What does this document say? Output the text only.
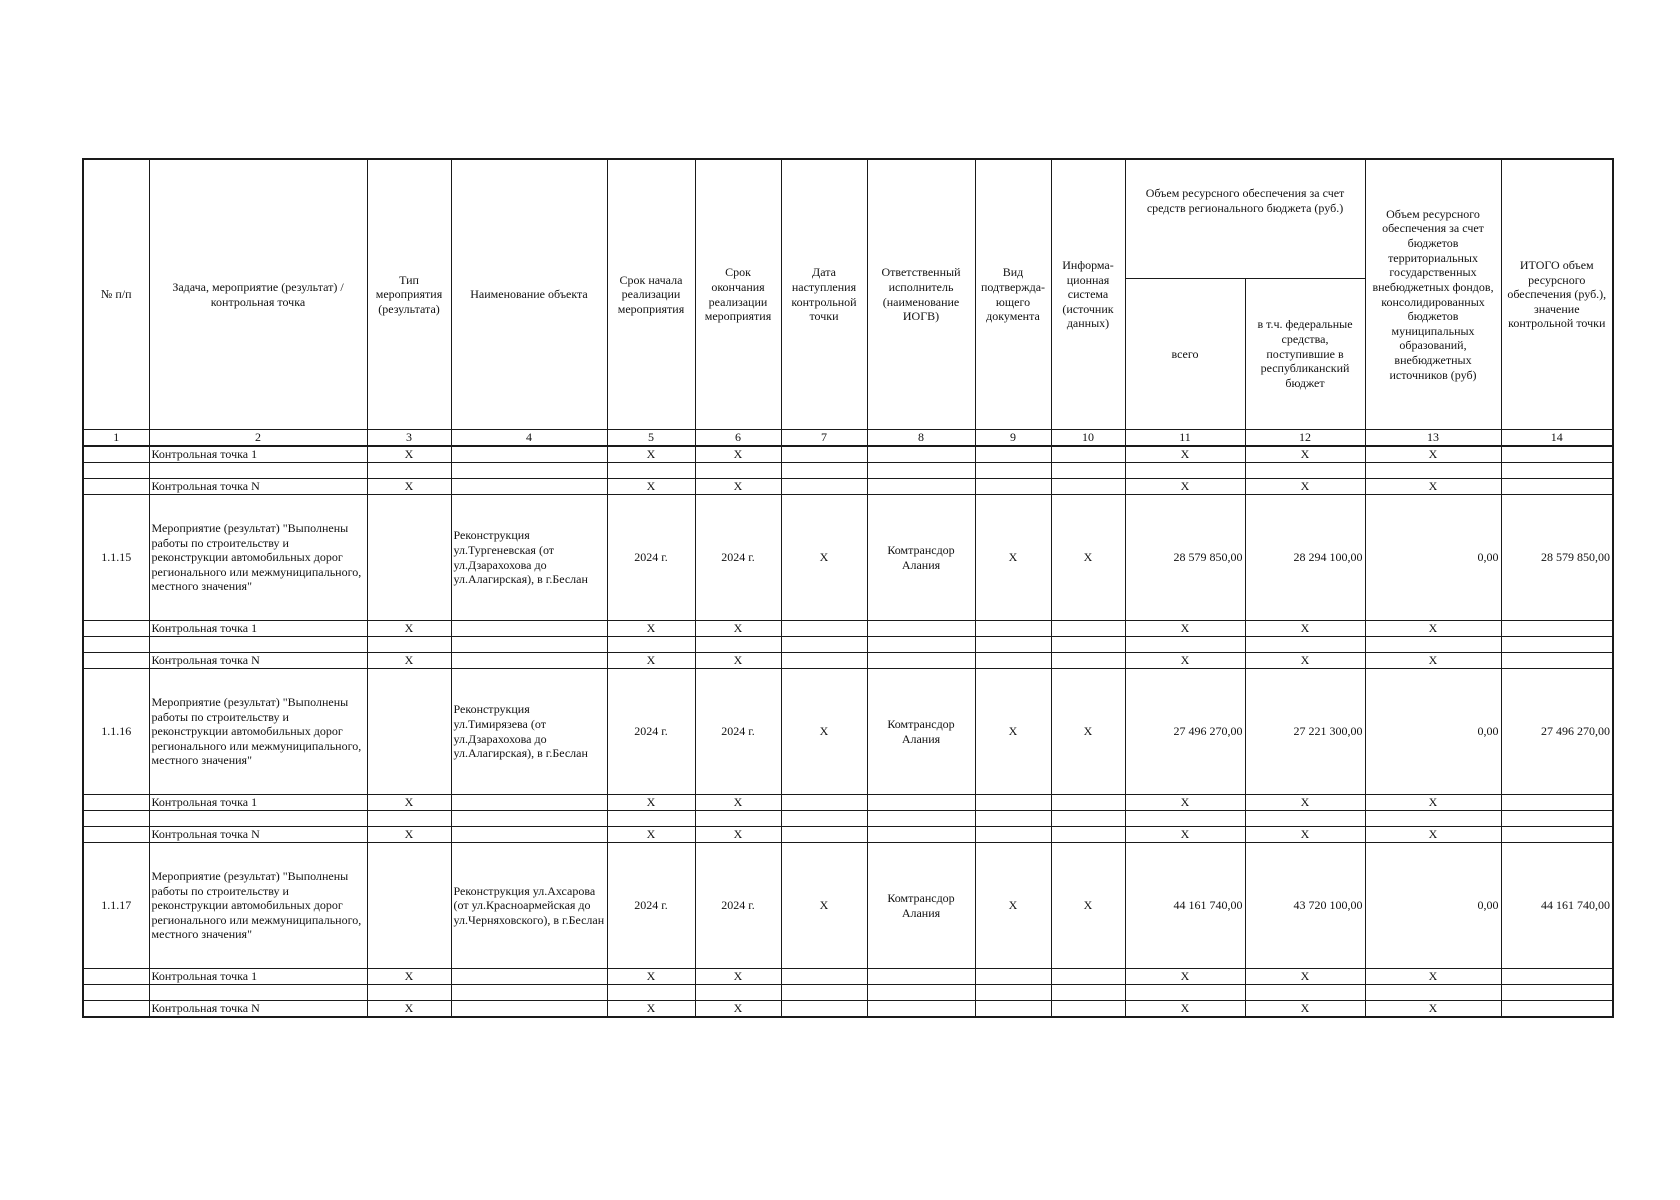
№ п/п	Задача, мероприятие (результат) / контрольная точка	Тип мероприятия (результата)	Наименование объекта	Срок начала реализации мероприятия	Срок окончания реализации мероприятия	Дата наступления контрольной точки	Ответственный исполнитель (наименование ИОГВ)	Вид подтвержда-ющего документа	Информа-ционная система (источник данных)	Объем ресурсного обеспечения за счет средств регионального бюджета (руб.)		Объем ресурсного обеспечения за счет бюджетов территориальных государственных внебюджетных фондов, консолидированных бюджетов муниципальных образований, внебюджетных источников (руб)	ИТОГО объем ресурсного обеспечения (руб.), значение контрольной точки
										всего	в т.ч. федеральные средства, поступившие в республиканский бюджет		
1	2	3	4	5	6	7	8	9	10	11	12	13	14
	Контрольная точка 1	X		X	X					X	X	X	

	Контрольная точка N	X		X	X					X	X	X	
1.1.15	Мероприятие (результат) "Выполнены работы по строительству и реконструкции автомобильных дорог регионального или межмуниципального, местного значения"		Реконструкция ул.Тургеневская (от ул.Дзарахохова до ул.Алагирская), в г.Беслан	2024 г.	2024 г.	X	Комтрансдор Алания	X	X	28 579 850,00	28 294 100,00	0,00	28 579 850,00
	Контрольная точка 1	X		X	X					X	X	X	

	Контрольная точка N	X		X	X					X	X	X	
1.1.16	Мероприятие (результат) "Выполнены работы по строительству и реконструкции автомобильных дорог регионального или межмуниципального, местного значения"		Реконструкция ул.Тимирязева (от ул.Дзарахохова до ул.Алагирская), в г.Беслан	2024 г.	2024 г.	X	Комтрансдор Алания	X	X	27 496 270,00	27 221 300,00	0,00	27 496 270,00
	Контрольная точка 1	X		X	X					X	X	X	

	Контрольная точка N	X		X	X					X	X	X	
1.1.17	Мероприятие (результат) "Выполнены работы по строительству и реконструкции автомобильных дорог регионального или межмуниципального, местного значения"		Реконструкция ул.Ахсарова (от ул.Красноармейская до ул.Черняховского), в г.Беслан	2024 г.	2024 г.	X	Комтрансдор Алания	X	X	44 161 740,00	43 720 100,00	0,00	44 161 740,00
	Контрольная точка 1	X		X	X					X	X	X	

	Контрольная точка N	X		X	X					X	X	X	
